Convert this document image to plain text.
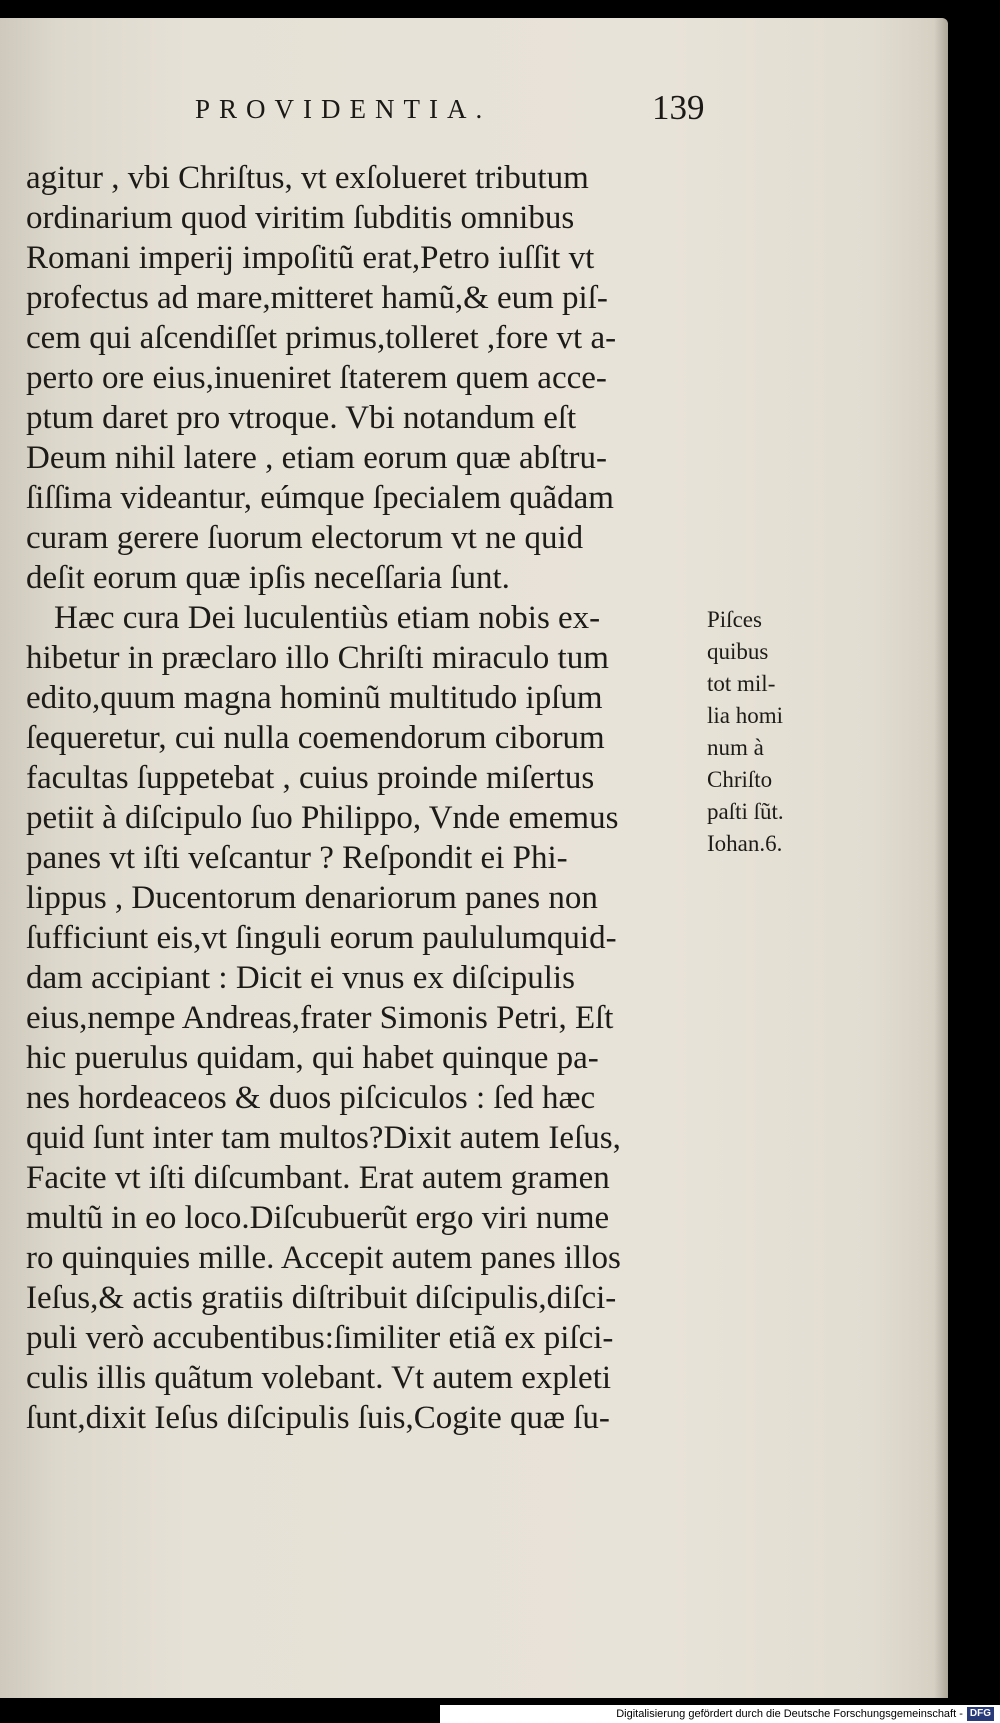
PROVIDENTIA.	139
agitur , vbi Chriſtus, vt exſolueret tributum
ordinarium quod viritim ſubditis omnibus
Romani imperij impoſitũ erat,Petro iuſſit vt
profectus ad mare,mitteret hamũ,& eum piſ-
cem qui aſcendiſſet primus,tolleret ,fore vt a-
perto ore eius,inueniret ſtaterem quem acce-
ptum daret pro vtroque. Vbi notandum eſt
Deum nihil latere , etiam eorum quæ abſtru-
ſiſſima videantur, eúmque ſpecialem quãdam
curam gerere ſuorum electorum vt ne quid
deſit eorum quæ ipſis neceſſaria ſunt.
Hæc cura Dei luculentiùs etiam nobis ex-
hibetur in præclaro illo Chriſti miraculo tum
edito,quum magna hominũ multitudo ipſum
ſequeretur, cui nulla coemendorum ciborum
facultas ſuppetebat , cuius proinde miſertus
petiit à diſcipulo ſuo Philippo, Vnde ememus
panes vt iſti veſcantur ? Reſpondit ei Phi-
lippus , Ducentorum denariorum panes non
ſufficiunt eis,vt ſinguli eorum paululumquid-
dam accipiant : Dicit ei vnus ex diſcipulis
eius,nempe Andreas,frater Simonis Petri, Eſt
hic puerulus quidam, qui habet quinque pa-
nes hordeaceos & duos piſciculos : ſed hæc
quid ſunt inter tam multos?Dixit autem Ieſus,
Facite vt iſti diſcumbant. Erat autem gramen
multũ in eo loco.Diſcubuerũt ergo viri nume
ro quinquies mille. Accepit autem panes illos
Ieſus,& actis gratiis diſtribuit diſcipulis,diſci-
puli verò accubentibus:ſimiliter etiã ex piſci-
culis illis quãtum volebant. Vt autem expleti
ſunt,dixit Ieſus diſcipulis ſuis,Cogite quæ ſu-
Piſces
quibus
tot mil-
lia homi
num à
Chriſto
paſti ſũt.
Iohan.6.
Digitalisierung gefördert durch die Deutsche Forschungsgemeinschaft - DFG
